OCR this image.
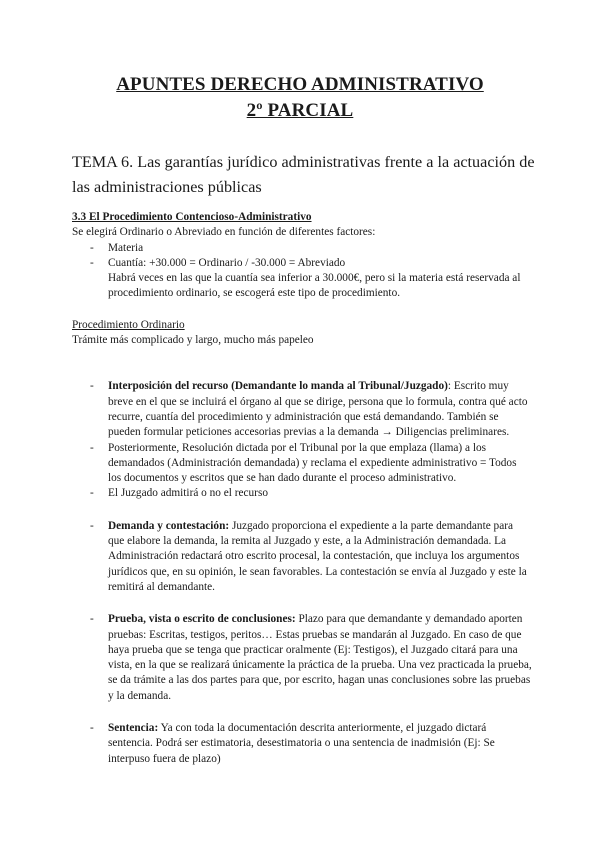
APUNTES DERECHO ADMINISTRATIVO
2º PARCIAL
TEMA 6. Las garantías jurídico administrativas frente a la actuación de las administraciones públicas

3.3 El Procedimiento Contencioso-Administrativo

Se elegirá Ordinario o Abreviado en función de diferentes factores:

- Materia
- Cuantía: +30.000 = Ordinario / -30.000 = Abreviado

Habrá veces en las que la cuantía sea inferior a 30.000€, pero si la materia está reservada al procedimiento ordinario, se escogerá este tipo de procedimiento.

Procedimiento Ordinario

Trámite más complicado y largo, mucho más papeleo

- Interposición del recurso (Demandante lo manda al Tribunal/Juzgado): Escrito muy breve en el que se incluirá el órgano al que se dirige, persona que lo formula, contra qué acto recurre, cuantía del procedimiento y administración que está demandando. También se pueden formular peticiones accesorias previas a la demanda → Diligencias preliminares.
- Posteriormente, Resolución dictada por el Tribunal por la que emplaza (llama) a los demandados (Administración demandada) y reclama el expediente administrativo = Todos los documentos y escritos que se han dado durante el proceso administrativo.
- El Juzgado admitirá o no el recurso
- Demanda y contestación: Juzgado proporciona el expediente a la parte demandante para que elabore la demanda, la remita al Juzgado y este, a la Administración demandada. La Administración redactará otro escrito procesal, la contestación, que incluya los argumentos jurídicos que, en su opinión, le sean favorables. La contestación se envía al Juzgado y este la remitirá al demandante.
- Prueba, vista o escrito de conclusiones: Plazo para que demandante y demandado aporten pruebas: Escritas, testigos, peritos… Estas pruebas se mandarán al Juzgado. En caso de que haya prueba que se tenga que practicar oralmente (Ej: Testigos), el Juzgado citará para una vista, en la que se realizará únicamente la práctica de la prueba. Una vez practicada la prueba, se da trámite a las dos partes para que, por escrito, hagan unas conclusiones sobre las pruebas y la demanda.
- Sentencia: Ya con toda la documentación descrita anteriormente, el juzgado dictará sentencia. Podrá ser estimatoria, desestimatoria o una sentencia de inadmisión (Ej: Se interpuso fuera de plazo)
